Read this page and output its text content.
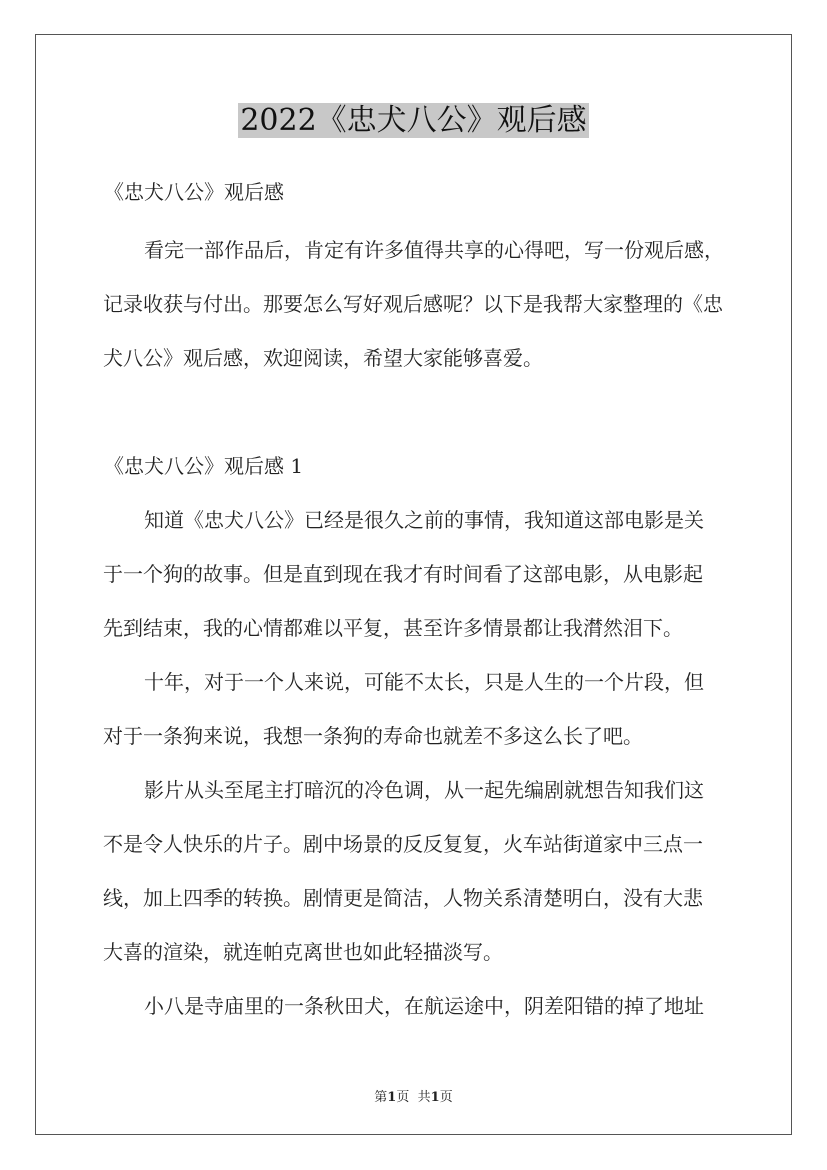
2022《忠犬八公》观后感
《忠犬八公》观后感
看完一部作品后，肯定有许多值得共享的心得吧，写一份观后感，
记录收获与付出。那要怎么写好观后感呢？以下是我帮大家整理的《忠
犬八公》观后感，欢迎阅读，希望大家能够喜爱。
《忠犬八公》观后感 1
知道《忠犬八公》已经是很久之前的事情，我知道这部电影是关
于一个狗的故事。但是直到现在我才有时间看了这部电影，从电影起
先到结束，我的心情都难以平复，甚至许多情景都让我潸然泪下。
十年，对于一个人来说，可能不太长，只是人生的一个片段，但
对于一条狗来说，我想一条狗的寿命也就差不多这么长了吧。
影片从头至尾主打暗沉的冷色调，从一起先编剧就想告知我们这
不是令人快乐的片子。剧中场景的反反复复，火车站街道家中三点一
线，加上四季的转换。剧情更是简洁，人物关系清楚明白，没有大悲
大喜的渲染，就连帕克离世也如此轻描淡写。
小八是寺庙里的一条秋田犬，在航运途中，阴差阳错的掉了地址
第1页 共1页
